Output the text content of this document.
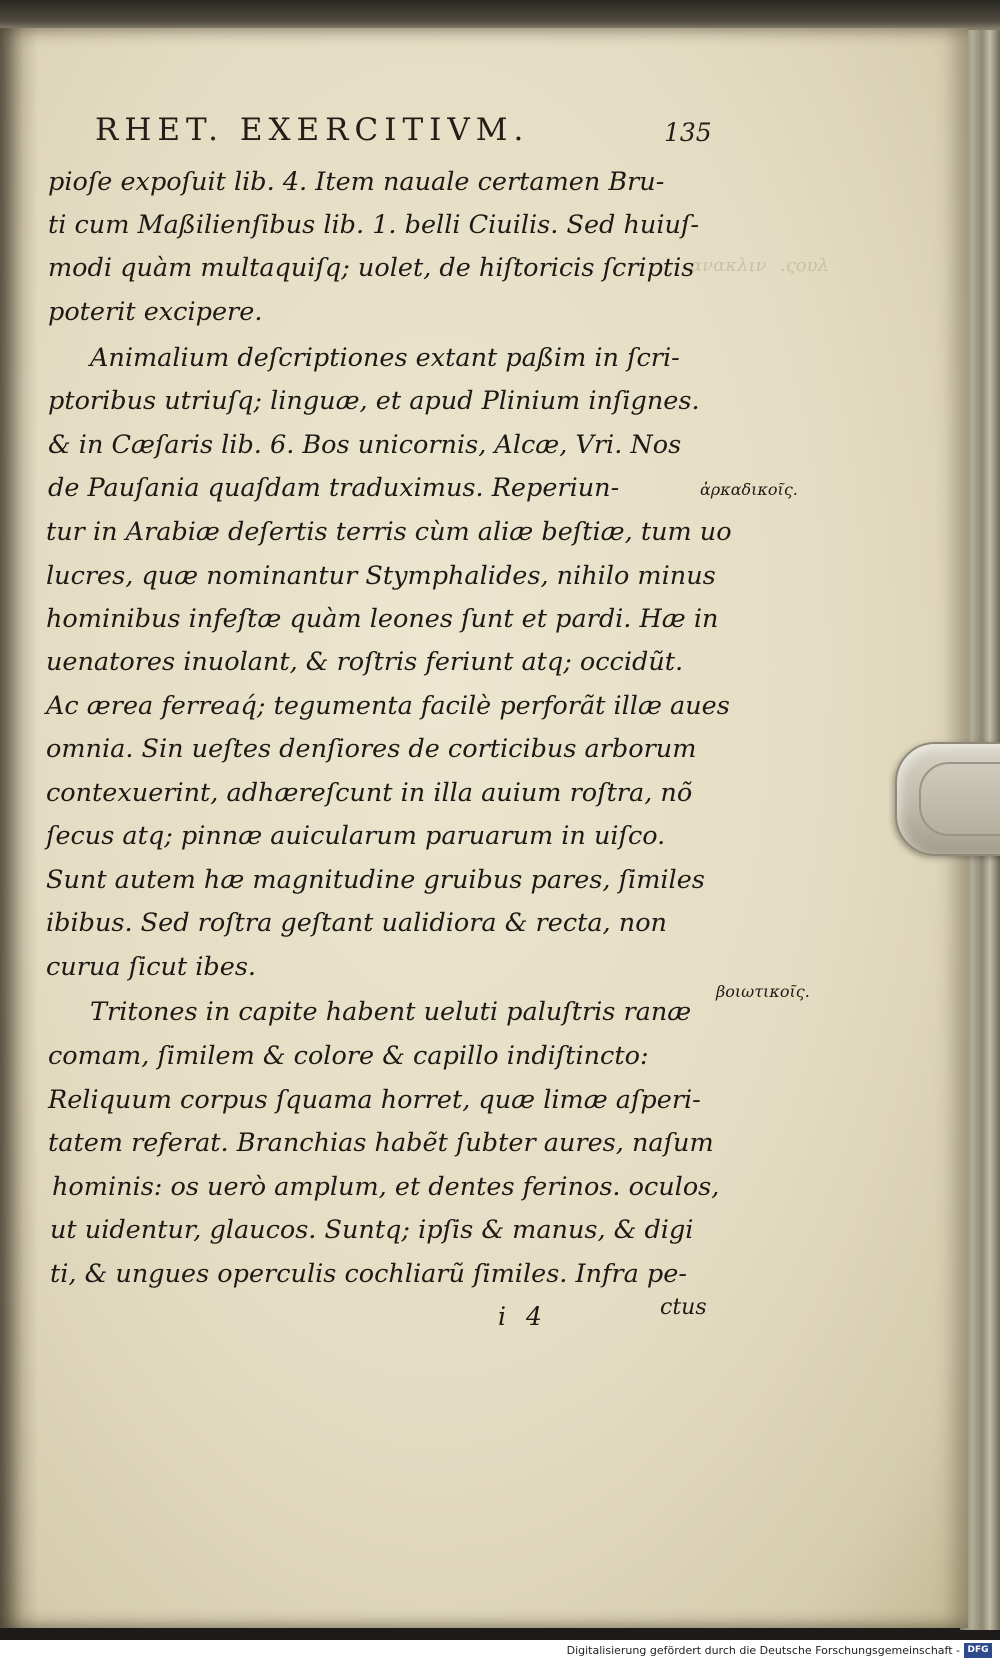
ανακλιν .ςουλ
RHET. EXERCITIVM.	135
pioſe expoſuit lib. 4. Item nauale certamen Bru-
ti cum Maßilienſibus lib. 1. belli Ciuilis. Sed huiuſ-
modi quàm multaquiſq; uolet, de hiſtoricis ſcriptis
poterit excipere.
Animalium deſcriptiones extant paßim in ſcri-
ptoribus utriuſq; linguæ, et apud Plinium inſignes.
& in Cæſaris lib. 6. Bos unicornis, Alcæ, Vri. Nos
de Pauſania quaſdam traduximus. Reperiun-
tur in Arabiæ deſertis terris cùm aliæ beſtiæ, tum uo
lucres, quæ nominantur Stymphalides, nihilo minus
hominibus infeſtæ quàm leones ſunt et pardi. Hæ in
uenatores inuolant, & roſtris feriunt atq; occidũt.
Ac ærea ferreaq́; tegumenta facilè perforãt illæ aues
omnia. Sin ueſtes denſiores de corticibus arborum
contexuerint, adhæreſcunt in illa auium roſtra, nõ
ſecus atq; pinnæ auicularum paruarum in uiſco.
Sunt autem hæ magnitudine gruibus pares, ſimiles
ibibus. Sed roſtra geſtant ualidiora & recta, non
curua ſicut ibes.
Tritones in capite habent ueluti paluſtris ranæ
comam, ſimilem & colore & capillo indiſtincto:
Reliquum corpus ſquama horret, quæ limæ aſperi-
tatem referat. Branchias habẽt ſubter aures, naſum
hominis: os uerò amplum, et dentes ferinos. oculos,
ut uidentur, glaucos. Suntq; ipſis & manus, & digi
ti, & ungues operculis cochliarũ ſimiles. Infra pe-
ἀρκαδικοῖς.
βοιωτικοῖς.
i 4	ctus
Digitalisierung gefördert durch die Deutsche Forschungsgemeinschaft - DFG
